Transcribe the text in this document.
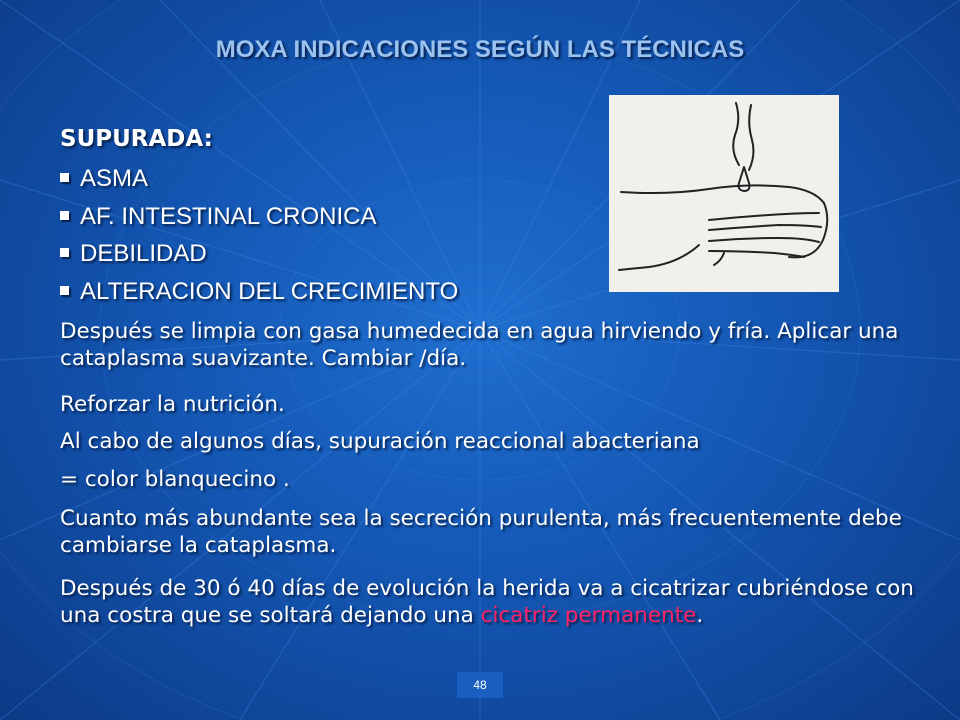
MOXA INDICACIONES SEGÚN LAS TÉCNICAS
SUPURADA:
ASMA
AF. INTESTINAL CRONICA
DEBILIDAD
ALTERACION DEL CRECIMIENTO
Después se limpia con gasa humedecida en agua hirviendo y fría. Aplicar una cataplasma suavizante. Cambiar /día.
Reforzar la nutrición.
Al cabo de algunos días, supuración reaccional abacteriana
= color blanquecino .
Cuanto más abundante sea la secreción purulenta, más frecuentemente debe cambiarse la cataplasma.
Después de 30 ó 40 días de evolución la herida va a cicatrizar cubriéndose con una costra que se soltará dejando una cicatriz permanente.
48
